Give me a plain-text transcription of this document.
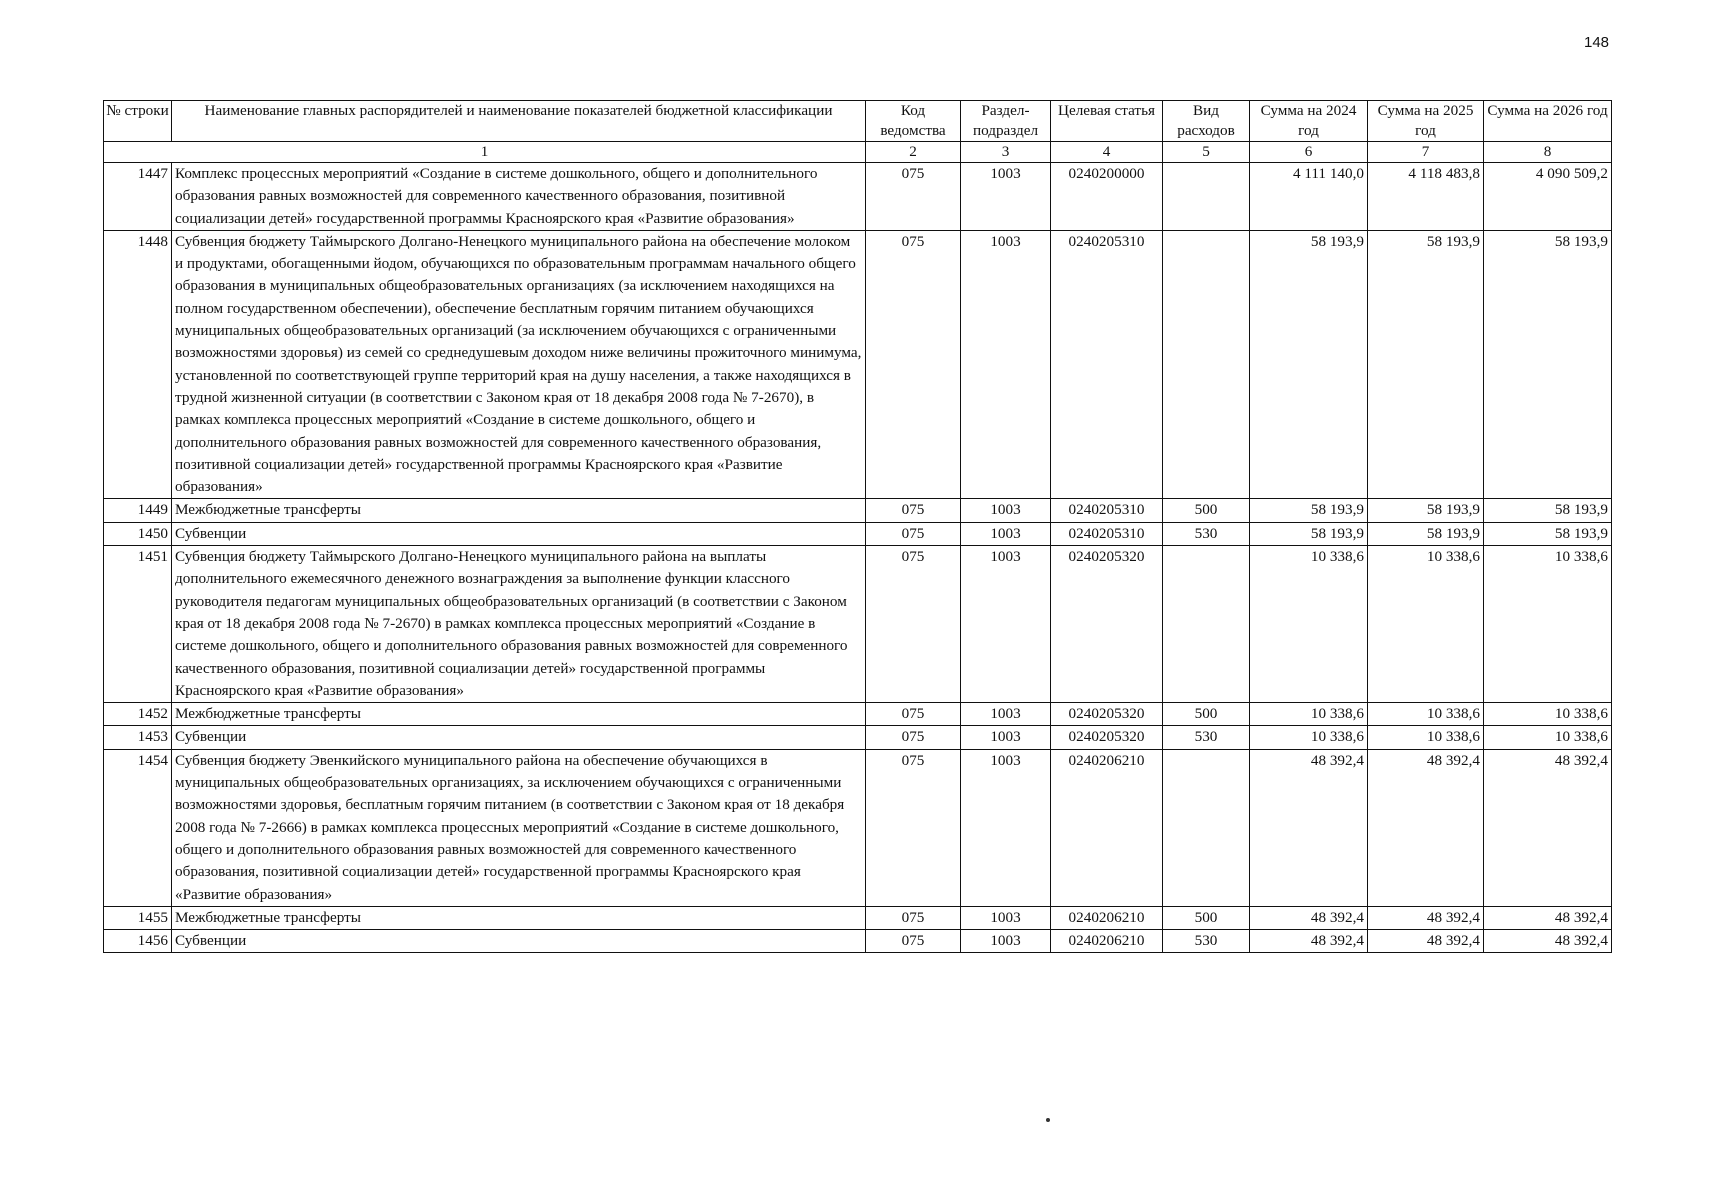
148
№ строки	Наименование главных распорядителей и наименование показателей бюджетной классификации	Код ведомства	Раздел-подраздел	Целевая статья	Вид расходов	Сумма на 2024 год	Сумма на 2025 год	Сумма на 2026 год
1		2	3	4	5	6	7	8
1447	Комплекс процессных мероприятий «Создание в системе дошкольного, общего и дополнительного образования равных возможностей для современного качественного образования, позитивной социализации детей» государственной программы Красноярского края «Развитие образования»	075	1003	0240200000		4 111 140,0	4 118 483,8	4 090 509,2
1448	Субвенция бюджету Таймырского Долгано-Ненецкого муниципального района на обеспечение молоком и продуктами, обогащенными йодом, обучающихся по образовательным программам начального общего образования в муниципальных общеобразовательных организациях (за исключением находящихся на полном государственном обеспечении), обеспечение бесплатным горячим питанием обучающихся муниципальных общеобразовательных организаций (за исключением обучающихся с ограниченными возможностями здоровья) из семей со среднедушевым доходом ниже величины прожиточного минимума, установленной по соответствующей группе территорий края на душу населения, а также находящихся в трудной жизненной ситуации (в соответствии с Законом края от 18 декабря 2008 года № 7-2670), в рамках комплекса процессных мероприятий «Создание в системе дошкольного, общего и дополнительного образования равных возможностей для современного качественного образования, позитивной социализации детей» государственной программы Красноярского края «Развитие образования»	075	1003	0240205310		58 193,9	58 193,9	58 193,9
1449	Межбюджетные трансферты	075	1003	0240205310	500	58 193,9	58 193,9	58 193,9
1450	Субвенции	075	1003	0240205310	530	58 193,9	58 193,9	58 193,9
1451	Субвенция бюджету Таймырского Долгано-Ненецкого муниципального района на выплаты дополнительного ежемесячного денежного вознаграждения за выполнение функции классного руководителя педагогам муниципальных общеобразовательных организаций (в соответствии с Законом края от 18 декабря 2008 года № 7-2670) в рамках комплекса процессных мероприятий «Создание в системе дошкольного, общего и дополнительного образования равных возможностей для современного качественного образования, позитивной социализации детей» государственной программы Красноярского края «Развитие образования»	075	1003	0240205320		10 338,6	10 338,6	10 338,6
1452	Межбюджетные трансферты	075	1003	0240205320	500	10 338,6	10 338,6	10 338,6
1453	Субвенции	075	1003	0240205320	530	10 338,6	10 338,6	10 338,6
1454	Субвенция бюджету Эвенкийского муниципального района на обеспечение обучающихся в муниципальных общеобразовательных организациях, за исключением обучающихся с ограниченными возможностями здоровья, бесплатным горячим питанием (в соответствии с Законом края от 18 декабря 2008 года № 7-2666) в рамках комплекса процессных мероприятий «Создание в системе дошкольного, общего и дополнительного образования равных возможностей для современного качественного образования, позитивной социализации детей» государственной программы Красноярского края «Развитие образования»	075	1003	0240206210		48 392,4	48 392,4	48 392,4
1455	Межбюджетные трансферты	075	1003	0240206210	500	48 392,4	48 392,4	48 392,4
1456	Субвенции	075	1003	0240206210	530	48 392,4	48 392,4	48 392,4
